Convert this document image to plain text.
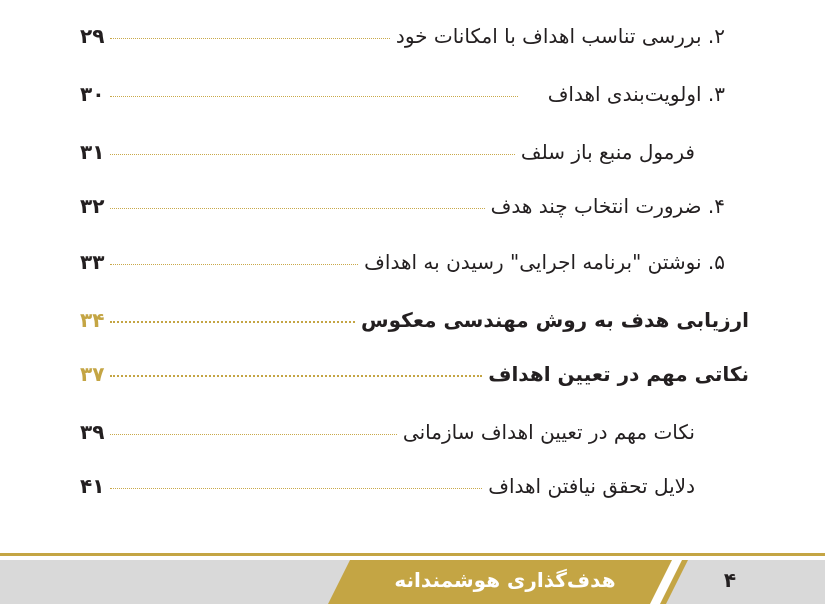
۲. بررسی تناسب اهداف با امکانات خود
۲۹
۳. اولویت‌بندی اهداف
۳۰
فرمول منبع باز سلف
۳۱
۴. ضرورت انتخاب چند هدف
۳۲
۵. نوشتن "برنامه اجرایی" رسیدن به اهداف
۳۳
ارزیابی هدف به روش مهندسی معکوس
۳۴
نکاتی مهم در تعیین اهداف
۳۷
نکات مهم در تعیین اهداف سازمانی
۳۹
دلایل تحقق نیافتن اهداف
۴۱
هدف‌گذاری هوشمندانه	۴
